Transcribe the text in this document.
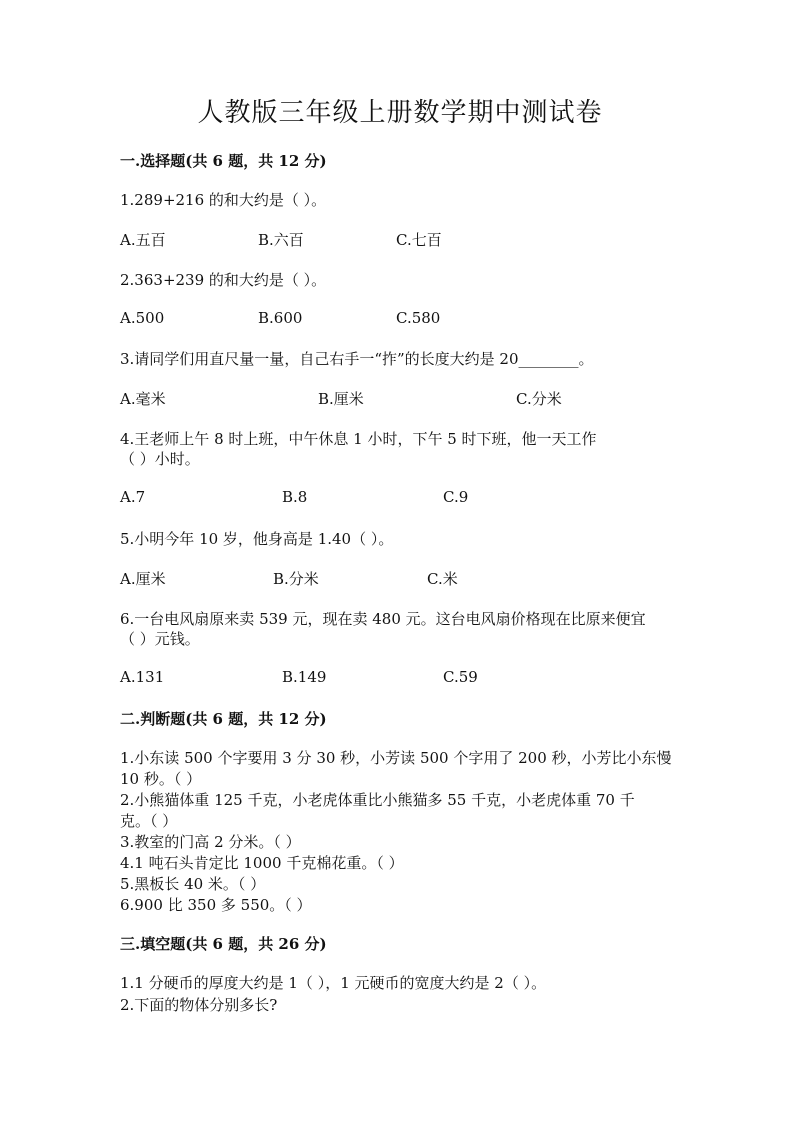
人教版三年级上册数学期中测试卷
一.选择题(共 6 题，共 12 分)
1.289+216 的和大约是（ ）。
A.五百	B.六百	C.七百
2.363+239 的和大约是（ ）。
A.500	B.600	C.580
3.请同学们用直尺量一量，自己右手一“拃”的长度大约是 20________。
A.毫米	B.厘米	C.分米
4.王老师上午 8 时上班，中午休息 1 小时，下午 5 时下班，他一天工作
（ ）小时。
A.7	B.8	C.9
5.小明今年 10 岁，他身高是 1.40（ ）。
A.厘米	B.分米	C.米
6.一台电风扇原来卖 539 元，现在卖 480 元。这台电风扇价格现在比原来便宜
（ ）元钱。
A.131	B.149	C.59
二.判断题(共 6 题，共 12 分)
1.小东读 500 个字要用 3 分 30 秒，小芳读 500 个字用了 200 秒，小芳比小东慢
10 秒。（ ）
2.小熊猫体重 125 千克，小老虎体重比小熊猫多 55 千克，小老虎体重 70 千
克。（ ）
3.教室的门高 2 分米。（ ）
4.1 吨石头肯定比 1000 千克棉花重。（ ）
5.黑板长 40 米。（ ）
6.900 比 350 多 550。（ ）
三.填空题(共 6 题，共 26 分)
1.1 分硬币的厚度大约是 1（ ），1 元硬币的宽度大约是 2（ ）。
2.下面的物体分别多长?
